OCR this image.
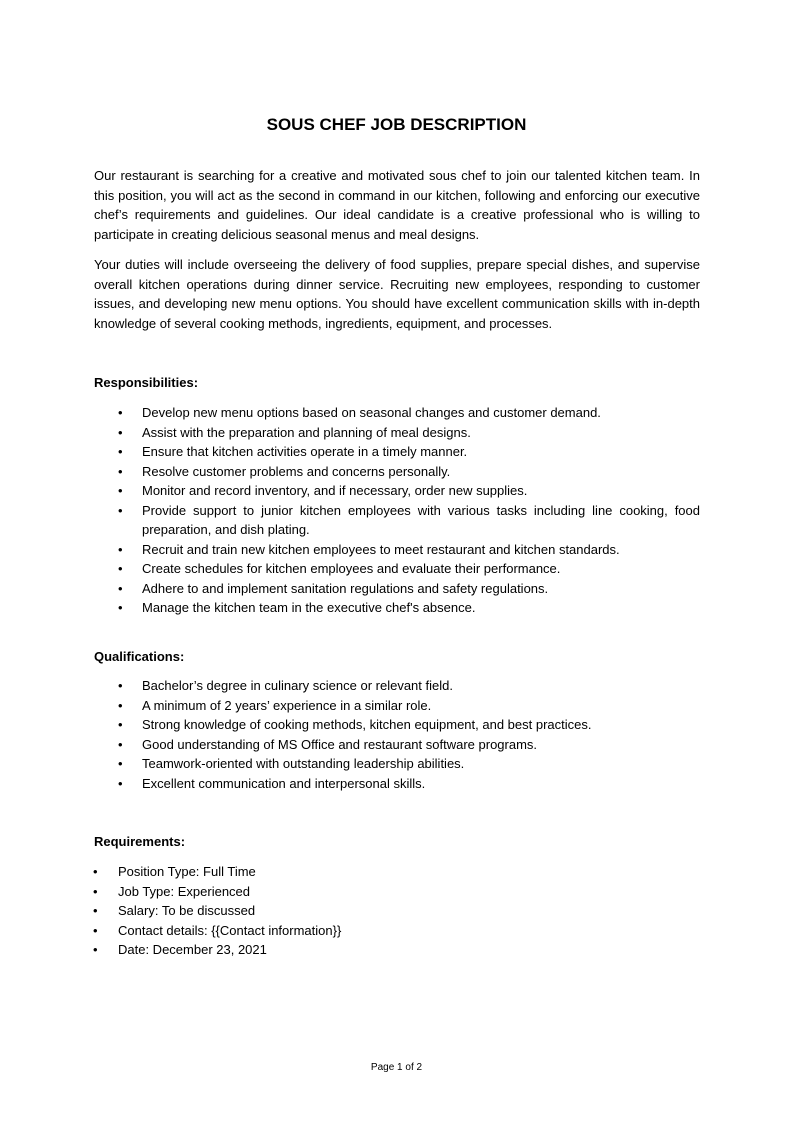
SOUS CHEF JOB DESCRIPTION

Our restaurant is searching for a creative and motivated sous chef to join our talented kitchen team. In this position, you will act as the second in command in our kitchen, following and enforcing our executive chef’s requirements and guidelines. Our ideal candidate is a creative professional who is willing to participate in creating delicious seasonal menus and meal designs.

Your duties will include overseeing the delivery of food supplies, prepare special dishes, and supervise overall kitchen operations during dinner service. Recruiting new employees, responding to customer issues, and developing new menu options. You should have excellent communication skills with in-depth knowledge of several cooking methods, ingredients, equipment, and processes.

Responsibilities:

• Develop new menu options based on seasonal changes and customer demand.
• Assist with the preparation and planning of meal designs.
• Ensure that kitchen activities operate in a timely manner.
• Resolve customer problems and concerns personally.
• Monitor and record inventory, and if necessary, order new supplies.
• Provide support to junior kitchen employees with various tasks including line cooking, food preparation, and dish plating.
• Recruit and train new kitchen employees to meet restaurant and kitchen standards.
• Create schedules for kitchen employees and evaluate their performance.
• Adhere to and implement sanitation regulations and safety regulations.
• Manage the kitchen team in the executive chef's absence.

Qualifications:

• Bachelor’s degree in culinary science or relevant field.
• A minimum of 2 years’ experience in a similar role.
• Strong knowledge of cooking methods, kitchen equipment, and best practices.
• Good understanding of MS Office and restaurant software programs.
• Teamwork-oriented with outstanding leadership abilities.
• Excellent communication and interpersonal skills.

Requirements:

• Position Type: Full Time
• Job Type: Experienced
• Salary: To be discussed
• Contact details: {{Contact information}}
• Date: December 23, 2021
Page 1 of 2
